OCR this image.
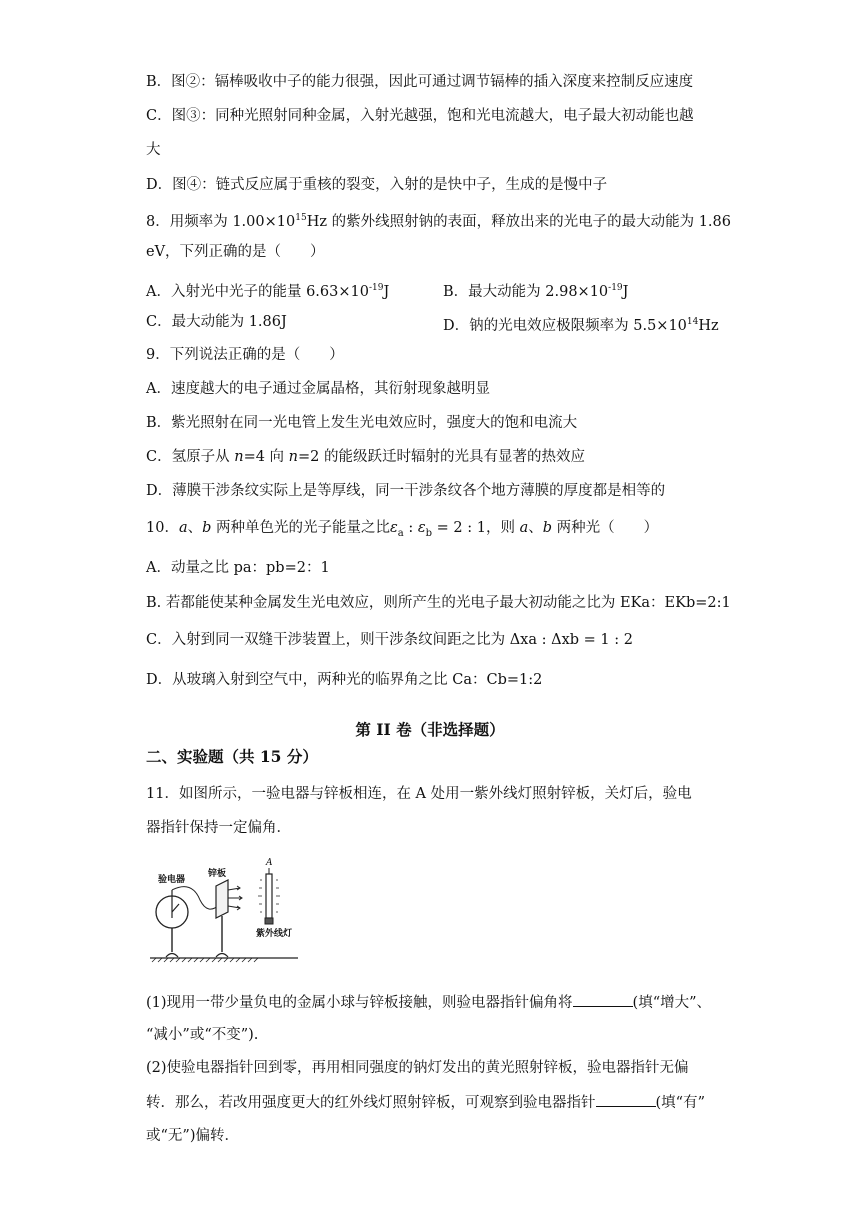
B．图②：镉棒吸收中子的能力很强，因此可通过调节镉棒的插入深度来控制反应速度
C．图③：同种光照射同种金属，入射光越强，饱和光电流越大，电子最大初动能也越
大
D．图④：链式反应属于重核的裂变，入射的是快中子，生成的是慢中子
8．用频率为 $1.00\times 10^{15}Hz$ 的紫外线照射钠的表面，释放出来的光电子的最大动能为 1.86
eV，下列正确的是（　　）
A．入射光中光子的能量 $6.63\times 10^{-19}J$	B．最大动能为 $2.98\times 10^{-19}J$
C．最大动能为 1.86J	D．钠的光电效应极限频率为 $5.5\times 10^{14}Hz$
9．下列说法正确的是（　　）
A．速度越大的电子通过金属晶格，其衍射现象越明显
B．紫光照射在同一光电管上发生光电效应时，强度大的饱和电流大
C．氢原子从 n=4 向 n=2 的能级跃迁时辐射的光具有显著的热效应
D．薄膜干涉条纹实际上是等厚线，同一干涉条纹各个地方薄膜的厚度都是相等的
10．a、b 两种单色光的光子能量之比$\varepsilon_a$ : $\varepsilon_b = 2$ : 1，则 a、b 两种光（　　）
A．动量之比 pa：pb=2：1
B. 若都能使某种金属发生光电效应，则所产生的光电子最大初动能之比为 EKa：EKb=2:1
C．入射到同一双缝干涉装置上，则干涉条纹间距之比为 Δxa : Δxb = 1 : 2
D．从玻璃入射到空气中，两种光的临界角之比 Ca：Cb=1:2
第 II 卷（非选择题）
二、实验题（共 15 分）
11．如图所示，一验电器与锌板相连，在 A 处用一紫外线灯照射锌板，关灯后，验电
器指针保持一定偏角．
验电器
锌板
A
紫外线灯
(1)现用一带少量负电的金属小球与锌板接触，则验电器指针偏角将	(填“增大”、
“减小”或“不变”).
(2)使验电器指针回到零，再用相同强度的钠灯发出的黄光照射锌板，验电器指针无偏
转．那么，若改用强度更大的红外线灯照射锌板，可观察到验电器指针	(填“有”
或“无”)偏转．
